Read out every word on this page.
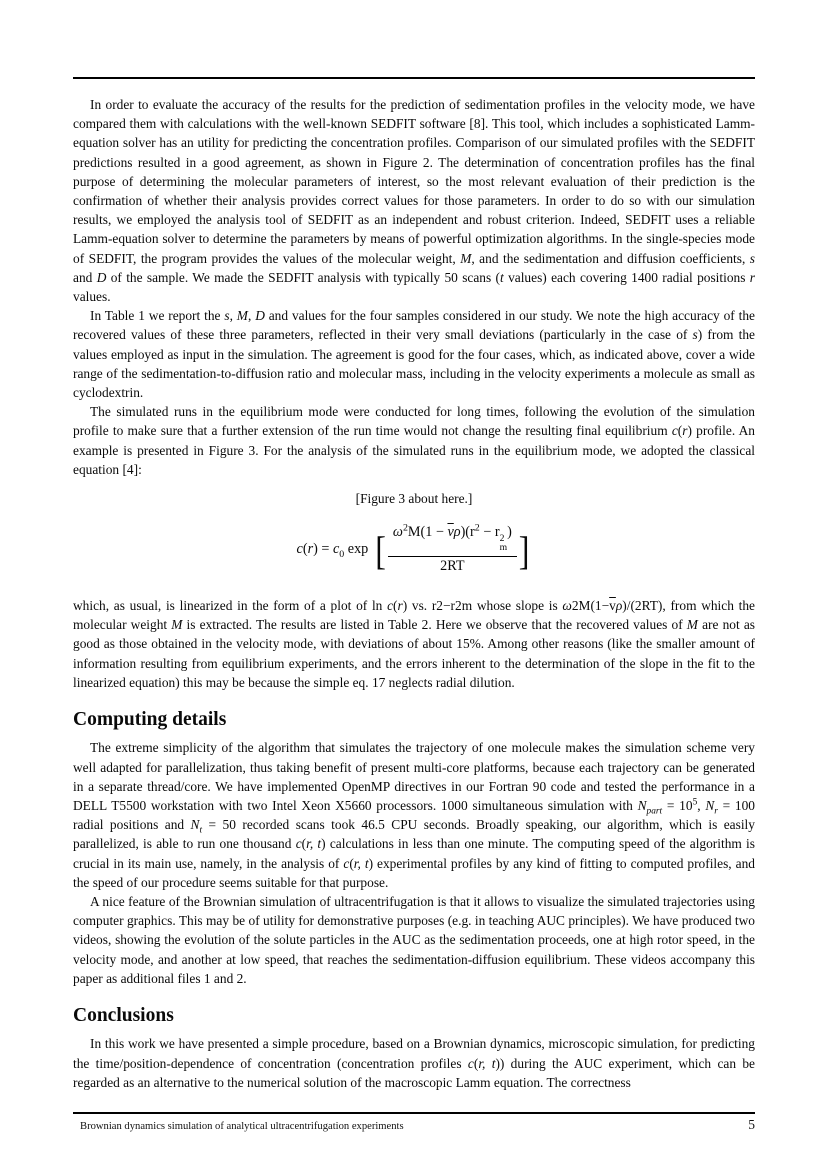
In order to evaluate the accuracy of the results for the prediction of sedimentation profiles in the velocity mode, we have compared them with calculations with the well-known SEDFIT software [8]. This tool, which includes a sophisticated Lamm-equation solver has an utility for predicting the concentration profiles. Comparison of our simulated profiles with the SEDFIT predictions resulted in a good agreement, as shown in Figure 2. The determination of concentration profiles has the final purpose of determining the molecular parameters of interest, so the most relevant evaluation of their prediction is the confirmation of whether their analysis provides correct values for those parameters. In order to do so with our simulation results, we employed the analysis tool of SEDFIT as an independent and robust criterion. Indeed, SEDFIT uses a reliable Lamm-equation solver to determine the parameters by means of powerful optimization algorithms. In the single-species mode of SEDFIT, the program provides the values of the molecular weight, M, and the sedimentation and diffusion coefficients, s and D of the sample. We made the SEDFIT analysis with typically 50 scans (t values) each covering 1400 radial positions r values.

In Table 1 we report the s, M, D and values for the four samples considered in our study. We note the high accuracy of the recovered values of these three parameters, reflected in their very small deviations (particularly in the case of s) from the values employed as input in the simulation. The agreement is good for the four cases, which, as indicated above, cover a wide range of the sedimentation-to-diffusion ratio and molecular mass, including in the velocity experiments a molecule as small as cyclodextrin.

The simulated runs in the equilibrium mode were conducted for long times, following the evolution of the simulation profile to make sure that a further extension of the run time would not change the resulting final equilibrium c(r) profile. An example is presented in Figure 3. For the analysis of the simulated runs in the equilibrium mode, we adopted the classical equation [4]:

[Figure 3 about here.]
$c(r) = c_0$ exp [ $\omega^2M(1 - \overline{v}\rho)(r^2 - r$ 2
m
)
2RT ]

which, as usual, is linearized in the form of a plot of ln c(r) vs. r2−r2m whose slope is $\omega 2M(1-\overline{v}\rho)/(2RT)$, from which the molecular weight M is extracted. The results are listed in Table 2. Here we observe that the recovered values of M are not as good as those obtained in the velocity mode, with deviations of about 15%. Among other reasons (like the smaller amount of information resulting from equilibrium experiments, and the errors inherent to the determination of the slope in the fit to the linearized equation) this may be because the simple eq. 17 neglects radial dilution.

Computing details

The extreme simplicity of the algorithm that simulates the trajectory of one molecule makes the simulation scheme very well adapted for parallelization, thus taking benefit of present multi-core platforms, because each trajectory can be generated in a separate thread/core. We have implemented OpenMP directives in our Fortran 90 code and tested the performance in a DELL T5500 workstation with two Intel Xeon X5660 processors. 1000 simultaneous simulation with $N_{part} = 10^5$, $N_r = 100$ radial positions and $N_t = 50$ recorded scans took 46.5 CPU seconds. Broadly speaking, our algorithm, which is easily parallelized, is able to run one thousand c(r, t) calculations in less than one minute. The computing speed of the algorithm is crucial in its main use, namely, in the analysis of c(r, t) experimental profiles by any kind of fitting to computed profiles, and the speed of our procedure seems suitable for that purpose.

A nice feature of the Brownian simulation of ultracentrifugation is that it allows to visualize the simulated trajectories using computer graphics. This may be of utility for demonstrative purposes (e.g. in teaching AUC principles). We have produced two videos, showing the evolution of the solute particles in the AUC as the sedimentation proceeds, one at high rotor speed, in the velocity mode, and another at low speed, that reaches the sedimentation-diffusion equilibrium. These videos accompany this paper as additional files 1 and 2.

Conclusions

In this work we have presented a simple procedure, based on a Brownian dynamics, microscopic simulation, for predicting the time/position-dependence of concentration (concentration profiles c(r, t)) during the AUC experiment, which can be regarded as an alternative to the numerical solution of the macroscopic Lamm equation. The correctness

Brownian dynamics simulation of analytical ultracentrifugation experiments	5
